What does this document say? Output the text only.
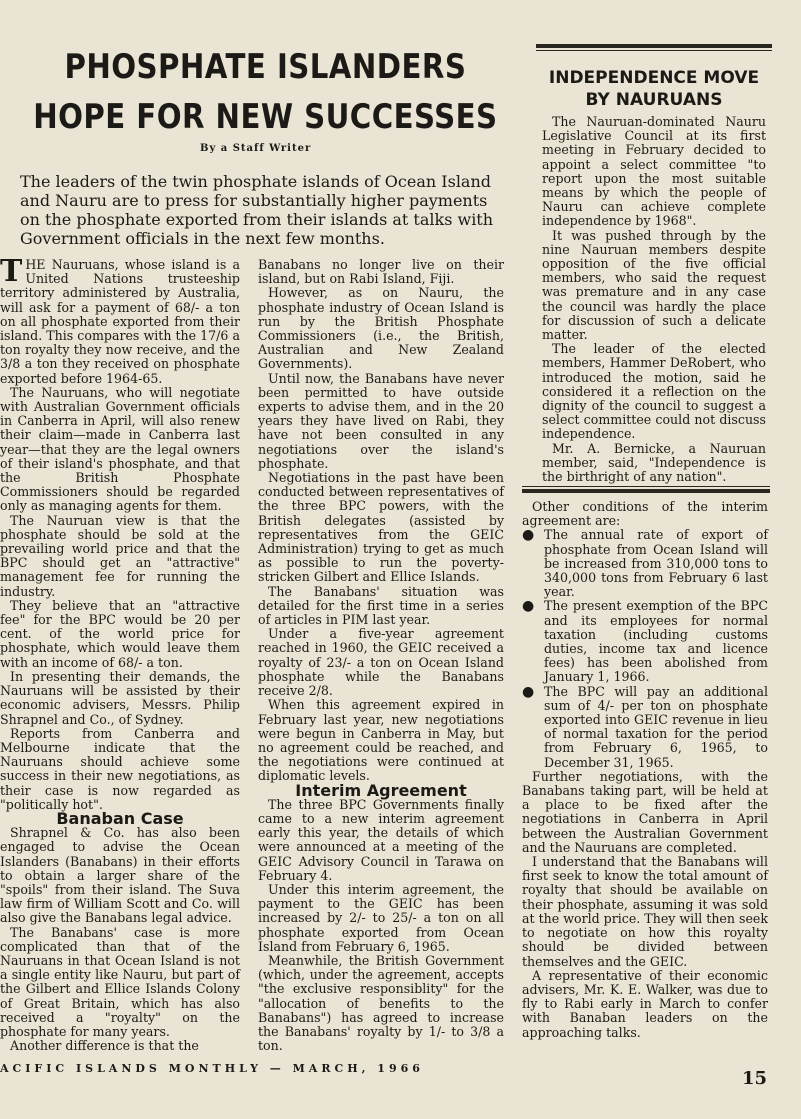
PHOSPHATE ISLANDERS HOPE FOR NEW SUCCESSES
By a Staff Writer
The leaders of the twin phosphate islands of Ocean Island and Nauru are to press for substantially higher payments on the phosphate exported from their islands at talks with Government officials in the next few months.

THE Nauruans, whose island is a United Nations trusteeship territory administered by Australia, will ask for a payment of 68/- a ton on all phosphate exported from their island. This compares with the 17/6 a ton royalty they now receive, and the 3/8 a ton they received on phosphate exported before 1964-65.

The Nauruans, who will negotiate with Australian Government officials in Canberra in April, will also renew their claim—made in Canberra last year—that they are the legal owners of their island's phosphate, and that the British Phosphate Commissioners should be regarded only as managing agents for them.

The Nauruan view is that the phosphate should be sold at the prevailing world price and that the BPC should get an "attractive" management fee for running the industry.

They believe that an "attractive fee" for the BPC would be 20 per cent. of the world price for phosphate, which would leave them with an income of 68/- a ton.

In presenting their demands, the Nauruans will be assisted by their economic advisers, Messrs. Philip Shrapnel and Co., of Sydney.

Reports from Canberra and Melbourne indicate that the Nauruans should achieve some success in their new negotiations, as their case is now regarded as "politically hot".

Banaban Case

Shrapnel & Co. has also been engaged to advise the Ocean Islanders (Banabans) in their efforts to obtain a larger share of the "spoils" from their island. The Suva law firm of William Scott and Co. will also give the Banabans legal advice.

The Banabans' case is more complicated than that of the Nauruans in that Ocean Island is not a single entity like Nauru, but part of the Gilbert and Ellice Islands Colony of Great Britain, which has also received a "royalty" on the phosphate for many years.

Another difference is that the

Banabans no longer live on their island, but on Rabi Island, Fiji.

However, as on Nauru, the phosphate industry of Ocean Island is run by the British Phosphate Commissioners (i.e., the British, Australian and New Zealand Governments).

Until now, the Banabans have never been permitted to have outside experts to advise them, and in the 20 years they have lived on Rabi, they have not been consulted in any negotiations over the island's phosphate.

Negotiations in the past have been conducted between representatives of the three BPC powers, with the British delegates (assisted by representatives from the GEIC Administration) trying to get as much as possible to run the poverty-stricken Gilbert and Ellice Islands.

The Banabans' situation was detailed for the first time in a series of articles in PIM last year.

Under a five-year agreement reached in 1960, the GEIC received a royalty of 23/- a ton on Ocean Island phosphate while the Banabans receive 2/8.

When this agreement expired in February last year, new negotiations were begun in Canberra in May, but no agreement could be reached, and the negotiations were continued at diplomatic levels.

Interim Agreement

The three BPC Governments finally came to a new interim agreement early this year, the details of which were announced at a meeting of the GEIC Advisory Council in Tarawa on February 4.

Under this interim agreement, the payment to the GEIC has been increased by 2/- to 25/- a ton on all phosphate exported from Ocean Island from February 6, 1965.

Meanwhile, the British Government (which, under the agreement, accepts "the exclusive responsiblity" for the "allocation of benefits to the Banabans") has agreed to increase the Banabans' royalty by 1/- to 3/8 a ton.

INDEPENDENCE MOVE BY NAURUANS

The Nauruan-dominated Nauru Legislative Council at its first meeting in February decided to appoint a select committee "to report upon the most suitable means by which the people of Nauru can achieve complete independence by 1968".

It was pushed through by the nine Nauruan members despite opposition of the five official members, who said the request was premature and in any case the council was hardly the place for discussion of such a delicate matter.

The leader of the elected members, Hammer DeRobert, who introduced the motion, said he considered it a reflection on the dignity of the council to suggest a select committee could not discuss independence.

Mr. A. Bernicke, a Nauruan member, said, "Independence is the birthright of any nation".

Other conditions of the interim agreement are:

● The annual rate of export of phosphate from Ocean Island will be increased from 310,000 tons to 340,000 tons from February 6 last year.
● The present exemption of the BPC and its employees for normal taxation (including customs duties, income tax and licence fees) has been abolished from January 1, 1966.
● The BPC will pay an additional sum of 4/- per ton on phosphate exported into GEIC revenue in lieu of normal taxation for the period from February 6, 1965, to December 31, 1965.

Further negotiations, with the Banabans taking part, will be held at a place to be fixed after the negotiations in Canberra in April between the Australian Government and the Nauruans are completed.

I understand that the Banabans will first seek to know the total amount of royalty that should be available on their phosphate, assuming it was sold at the world price. They will then seek to negotiate on how this royalty should be divided between themselves and the GEIC.

A representative of their economic advisers, Mr. K. E. Walker, was due to fly to Rabi early in March to confer with Banaban leaders on the approaching talks.

ACIFIC ISLANDS MONTHLY — MARCH, 1966	15
